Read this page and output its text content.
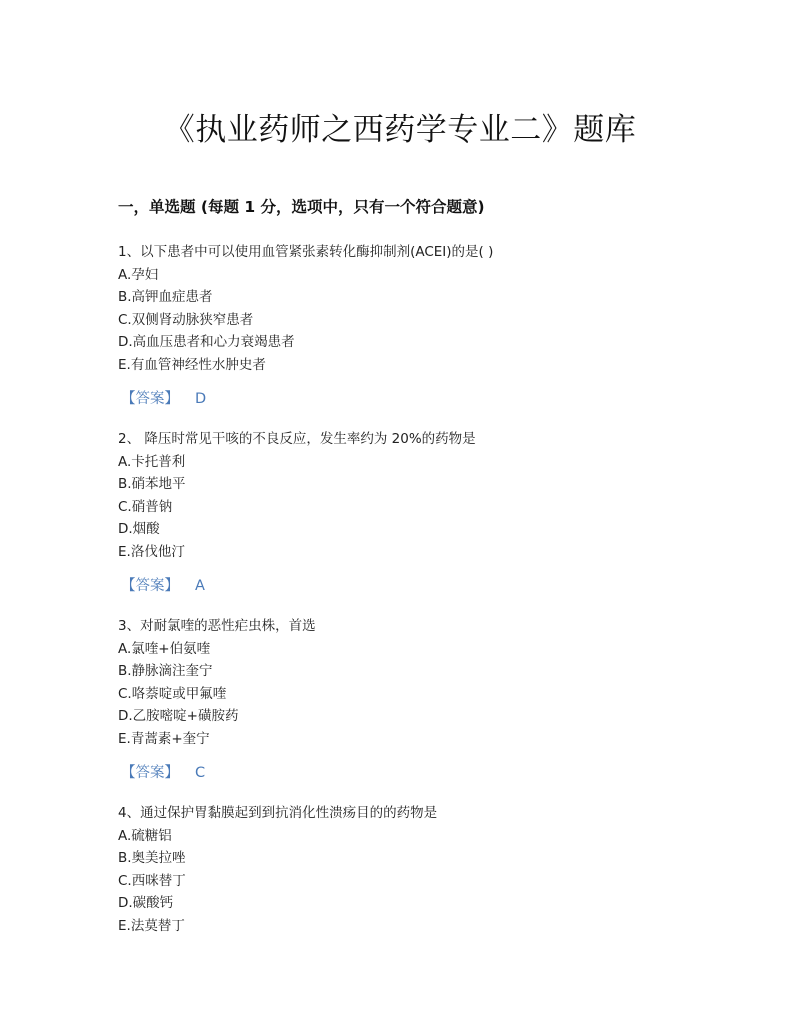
《执业药师之西药学专业二》题库
一，单选题 (每题 1 分，选项中，只有一个符合题意)

1、以下患者中可以使用血管紧张素转化酶抑制剂(ACEI)的是( )

A.孕妇

B.高钾血症患者

C.双侧肾动脉狭窄患者

D.高血压患者和心力衰竭患者

E.有血管神经性水肿史者

【答案】 D

2、 降压时常见干咳的不良反应，发生率约为 20%的药物是

A.卡托普利

B.硝苯地平

C.硝普钠

D.烟酸

E.洛伐他汀

【答案】 A

3、对耐氯喹的恶性疟虫株，首选

A.氯喹+伯氨喹

B.静脉滴注奎宁

C.咯萘啶或甲氟喹

D.乙胺嘧啶+磺胺药

E.青蒿素+奎宁

【答案】 C

4、通过保护胃黏膜起到到抗消化性溃疡目的的药物是

A.硫糖铝

B.奥美拉唑

C.西咪替丁

D.碳酸钙

E.法莫替丁
